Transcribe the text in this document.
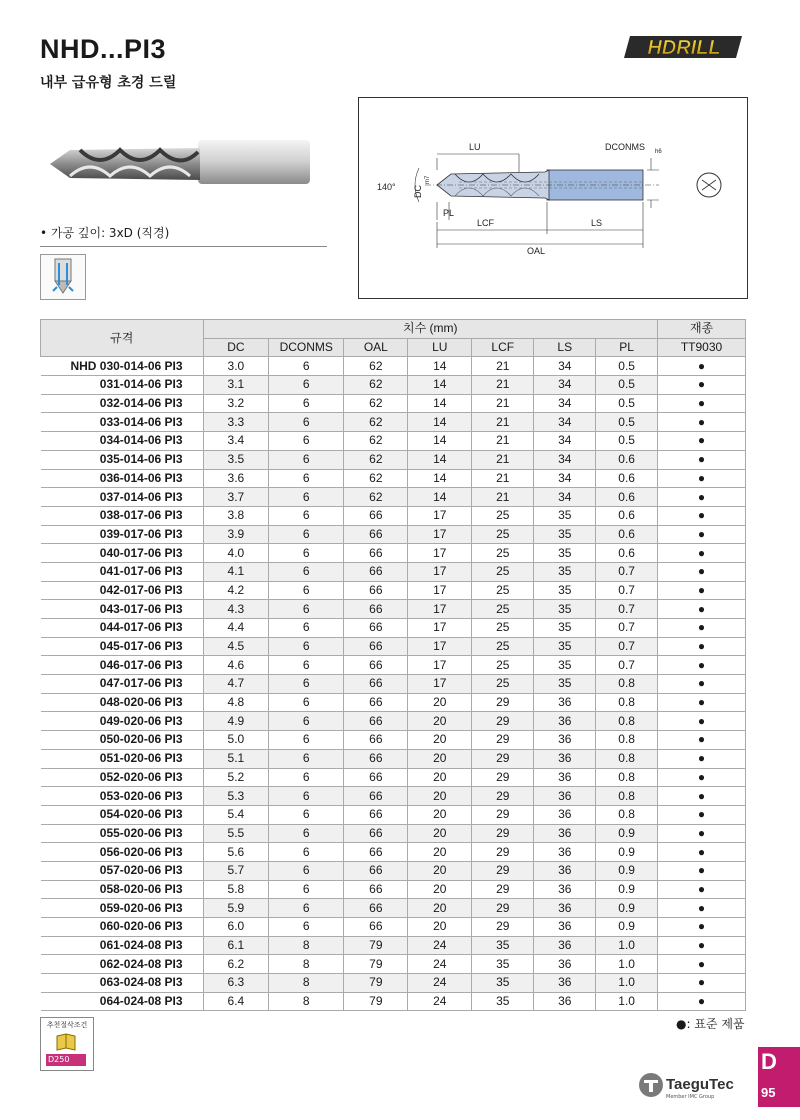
NHD...PI3
내부 급유형 초경 드릴
HDRILL
• 가공 깊이: 3xD (직경)
LU	DCONMS h6
140° DC
m7
PL
LCF	LS
OAL
규격	치수 (mm)							재종
	DC	DCONMS	OAL	LU	LCF	LS	PL	TT9030
NHD 030-014-06 PI3	3.0	6	62	14	21	34	0.5	●
031-014-06 PI3	3.1	6	62	14	21	34	0.5	●
032-014-06 PI3	3.2	6	62	14	21	34	0.5	●
033-014-06 PI3	3.3	6	62	14	21	34	0.5	●
034-014-06 PI3	3.4	6	62	14	21	34	0.5	●
035-014-06 PI3	3.5	6	62	14	21	34	0.6	●
036-014-06 PI3	3.6	6	62	14	21	34	0.6	●
037-014-06 PI3	3.7	6	62	14	21	34	0.6	●
038-017-06 PI3	3.8	6	66	17	25	35	0.6	●
039-017-06 PI3	3.9	6	66	17	25	35	0.6	●
040-017-06 PI3	4.0	6	66	17	25	35	0.6	●
041-017-06 PI3	4.1	6	66	17	25	35	0.7	●
042-017-06 PI3	4.2	6	66	17	25	35	0.7	●
043-017-06 PI3	4.3	6	66	17	25	35	0.7	●
044-017-06 PI3	4.4	6	66	17	25	35	0.7	●
045-017-06 PI3	4.5	6	66	17	25	35	0.7	●
046-017-06 PI3	4.6	6	66	17	25	35	0.7	●
047-017-06 PI3	4.7	6	66	17	25	35	0.8	●
048-020-06 PI3	4.8	6	66	20	29	36	0.8	●
049-020-06 PI3	4.9	6	66	20	29	36	0.8	●
050-020-06 PI3	5.0	6	66	20	29	36	0.8	●
051-020-06 PI3	5.1	6	66	20	29	36	0.8	●
052-020-06 PI3	5.2	6	66	20	29	36	0.8	●
053-020-06 PI3	5.3	6	66	20	29	36	0.8	●
054-020-06 PI3	5.4	6	66	20	29	36	0.8	●
055-020-06 PI3	5.5	6	66	20	29	36	0.9	●
056-020-06 PI3	5.6	6	66	20	29	36	0.9	●
057-020-06 PI3	5.7	6	66	20	29	36	0.9	●
058-020-06 PI3	5.8	6	66	20	29	36	0.9	●
059-020-06 PI3	5.9	6	66	20	29	36	0.9	●
060-020-06 PI3	6.0	6	66	20	29	36	0.9	●
061-024-08 PI3	6.1	8	79	24	35	36	1.0	●
062-024-08 PI3	6.2	8	79	24	35	36	1.0	●
063-024-08 PI3	6.3	8	79	24	35	36	1.0	●
064-024-08 PI3	6.4	8	79	24	35	36	1.0	●
●: 표준 제품
추천절삭조건
D250
TaeguTec
Member IMC Group
D
95
